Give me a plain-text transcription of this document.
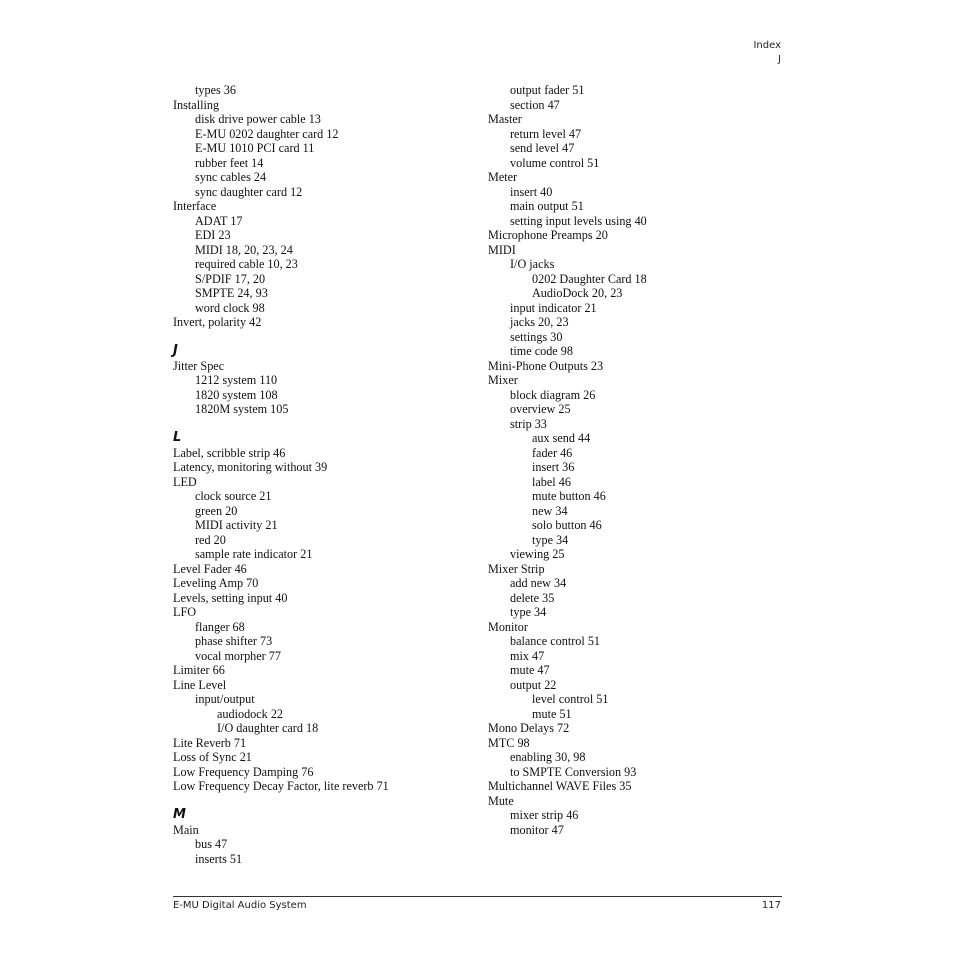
Index
J
types 36
Installing
disk drive power cable 13
E-MU 0202 daughter card 12
E-MU 1010 PCI card 11
rubber feet 14
sync cables 24
sync daughter card 12
Interface
ADAT 17
EDI 23
MIDI 18, 20, 23, 24
required cable 10, 23
S/PDIF 17, 20
SMPTE 24, 93
word clock 98
Invert, polarity 42
J
Jitter Spec
1212 system 110
1820 system 108
1820M system 105
L
Label, scribble strip 46
Latency, monitoring without 39
LED
clock source 21
green 20
MIDI activity 21
red 20
sample rate indicator 21
Level Fader 46
Leveling Amp 70
Levels, setting input 40
LFO
flanger 68
phase shifter 73
vocal morpher 77
Limiter 66
Line Level
input/output
audiodock 22
I/O daughter card 18
Lite Reverb 71
Loss of Sync 21
Low Frequency Damping 76
Low Frequency Decay Factor, lite reverb 71
M
Main
bus 47
inserts 51
output fader 51
section 47
Master
return level 47
send level 47
volume control 51
Meter
insert 40
main output 51
setting input levels using 40
Microphone Preamps 20
MIDI
I/O jacks
0202 Daughter Card 18
AudioDock 20, 23
input indicator 21
jacks 20, 23
settings 30
time code 98
Mini-Phone Outputs 23
Mixer
block diagram 26
overview 25
strip 33
aux send 44
fader 46
insert 36
label 46
mute button 46
new 34
solo button 46
type 34
viewing 25
Mixer Strip
add new 34
delete 35
type 34
Monitor
balance control 51
mix 47
mute 47
output 22
level control 51
mute 51
Mono Delays 72
MTC 98
enabling 30, 98
to SMPTE Conversion 93
Multichannel WAVE Files 35
Mute
mixer strip 46
monitor 47
E-MU Digital Audio System	117
